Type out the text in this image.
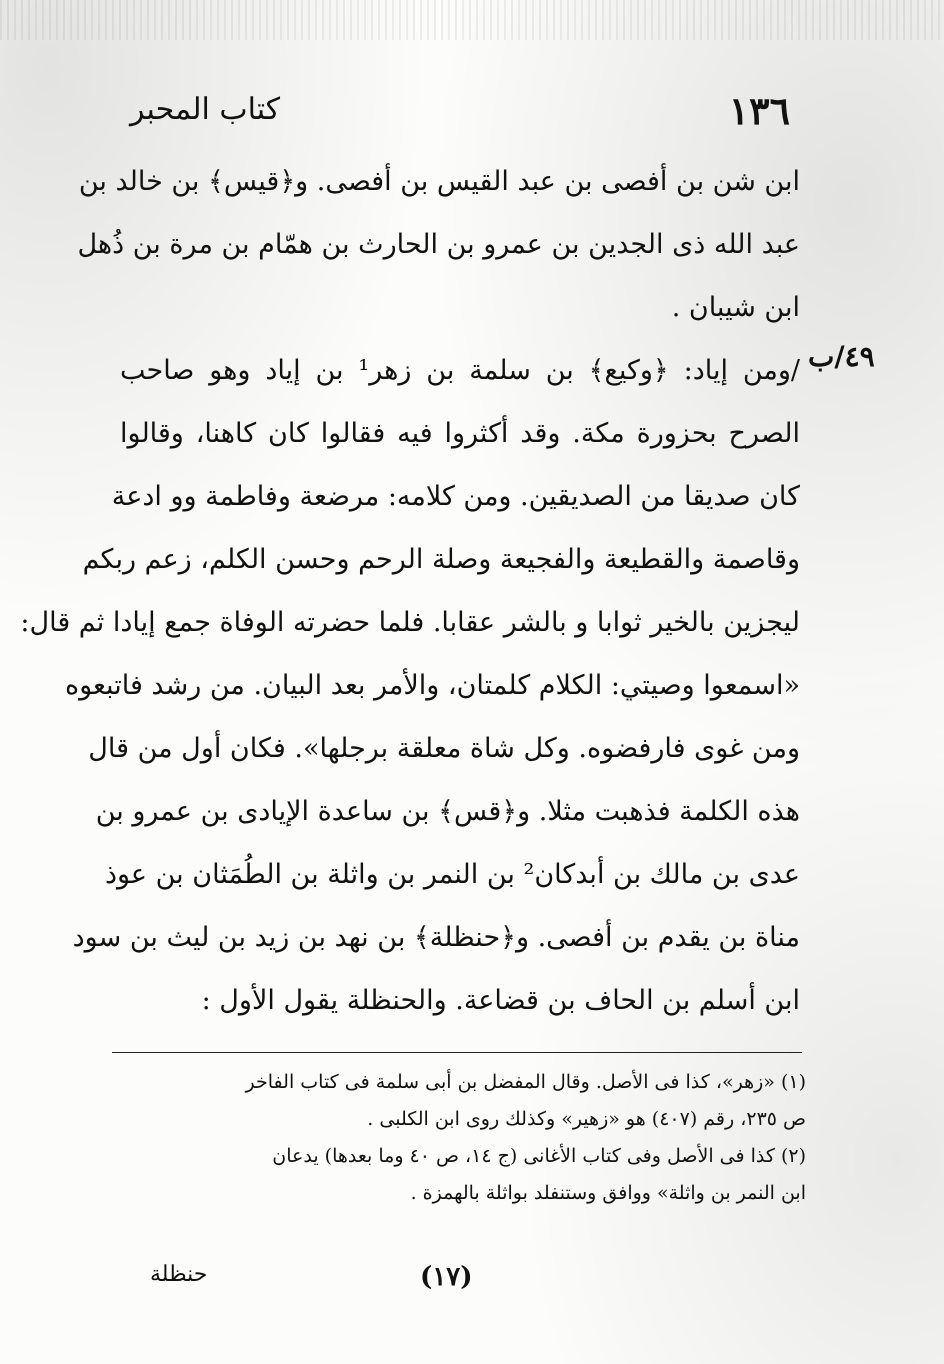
١٣٦
كتاب المحبر
٤٩/ب
ابن شن بن أفصى بن عبد القيس بن أفصى. و﴿قيس﴾ بن خالد بن
عبد الله ذى الجدين بن عمرو بن الحارث بن همّام بن مرة بن ذُهل
ابن شيبان .
/ومن إياد: ﴿وكيع﴾ بن سلمة بن زهر¹ بن إياد وهو صاحب
الصرح بحزورة مكة. وقد أكثروا فيه فقالوا كان كاهنا، وقالوا
كان صديقا من الصديقين. ومن كلامه: مرضعة وفاطمة وو ادعة
وقاصمة والقطيعة والفجيعة وصلة الرحم وحسن الكلم، زعم ربكم
ليجزين بالخير ثوابا و بالشر عقابا. فلما حضرته الوفاة جمع إيادا ثم قال:
«اسمعوا وصيتي: الكلام كلمتان، والأمر بعد البيان. من رشد فاتبعوه
ومن غوى فارفضوه. وكل شاة معلقة برجلها». فكان أول من قال
هذه الكلمة فذهبت مثلا. و﴿قس﴾ بن ساعدة الإيادى بن عمرو بن
عدى بن مالك بن أبدكان² بن النمر بن واثلة بن الطُمَثان بن عوذ
مناة بن يقدم بن أفصى. و﴿حنظلة﴾ بن نهد بن زيد بن ليث بن سود
ابن أسلم بن الحاف بن قضاعة. والحنظلة يقول الأول :
(١) «زهر»، كذا فى الأصل. وقال المفضل بن أبى سلمة فى كتاب الفاخر
ص ٢٣٥، رقم (٤٠٧) هو «زهير» وكذلك روى ابن الكلبى .
(٢) كذا فى الأصل وفى كتاب الأغانى (ج ١٤، ص ٤٠ وما بعدها) يدعان
ابن النمر بن واثلة» ووافق وستنفلد بواثلة بالهمزة .
(١٧)
حنظلة
